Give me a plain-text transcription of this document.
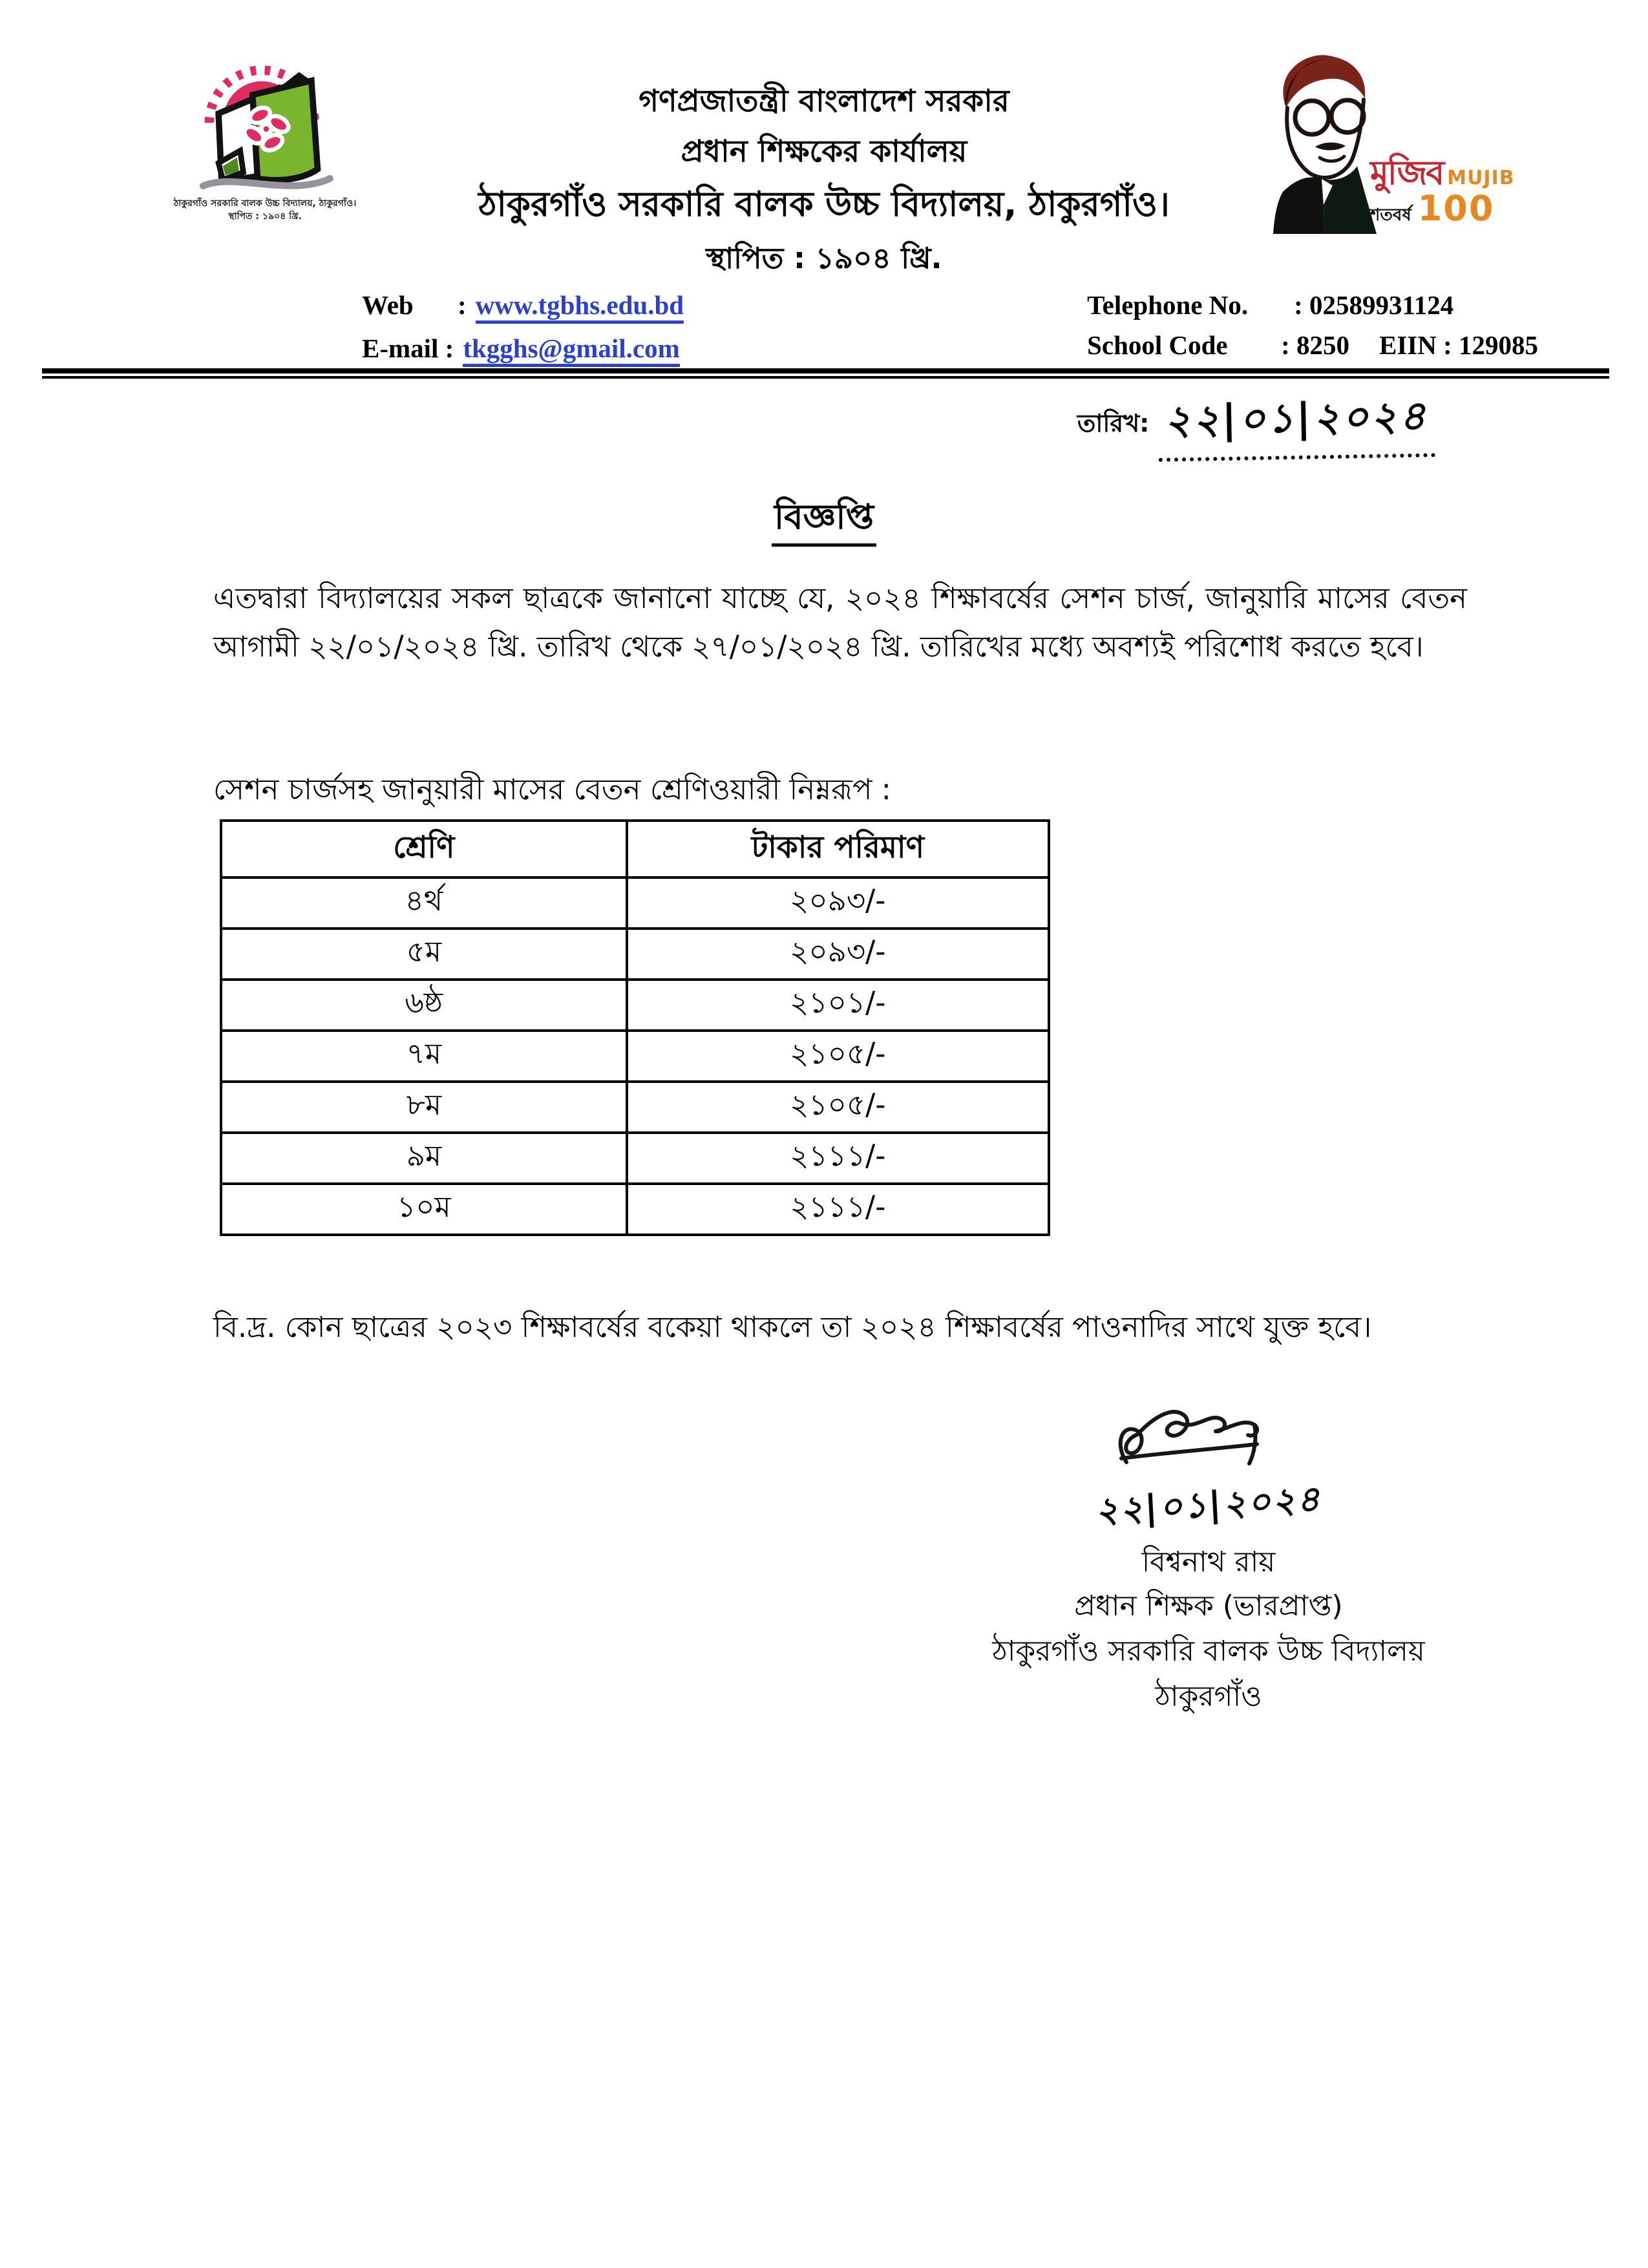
ঠাকুরগাঁও সরকারি বালক উচ্চ বিদ্যালয়, ঠাকুরগাঁও।
স্থাপিত : ১৯০৪ খ্রি.
গণপ্রজাতন্ত্রী বাংলাদেশ সরকার
প্রধান শিক্ষকের কার্যালয়
ঠাকুরগাঁও সরকারি বালক উচ্চ বিদ্যালয়, ঠাকুরগাঁও।
স্থাপিত : ১৯০৪ খ্রি.
মুজিব MUJIB
শতবর্ষ 100
Web	: www.tgbhs.edu.bd
E-mail : tkgghs@gmail.com
Telephone No.	: 02589931124
School Code	: 8250 EIIN : 129085
তারিখ: ২২|০১|২০২৪
বিজ্ঞপ্তি
এতদ্বারা বিদ্যালয়ের সকল ছাত্রকে জানানো যাচ্ছে যে, ২০২৪ শিক্ষাবর্ষের সেশন চার্জ, জানুয়ারি মাসের বেতন আগামী ২২/০১/২০২৪ খ্রি. তারিখ থেকে ২৭/০১/২০২৪ খ্রি. তারিখের মধ্যে অবশ্যই পরিশোধ করতে হবে।
সেশন চার্জসহ জানুয়ারী মাসের বেতন শ্রেণিওয়ারী নিম্নরূপ :
শ্রেণি	টাকার পরিমাণ
৪র্থ	২০৯৩/-
৫ম	২০৯৩/-
৬ষ্ঠ	২১০১/-
৭ম	২১০৫/-
৮ম	২১০৫/-
৯ম	২১১১/-
১০ম	২১১১/-
বি.দ্র. কোন ছাত্রের ২০২৩ শিক্ষাবর্ষের বকেয়া থাকলে তা ২০২৪ শিক্ষাবর্ষের পাওনাদির সাথে যুক্ত হবে।
২২|০১|২০২৪
বিশ্বনাথ রায়
প্রধান শিক্ষক (ভারপ্রাপ্ত)
ঠাকুরগাঁও সরকারি বালক উচ্চ বিদ্যালয়
ঠাকুরগাঁও
